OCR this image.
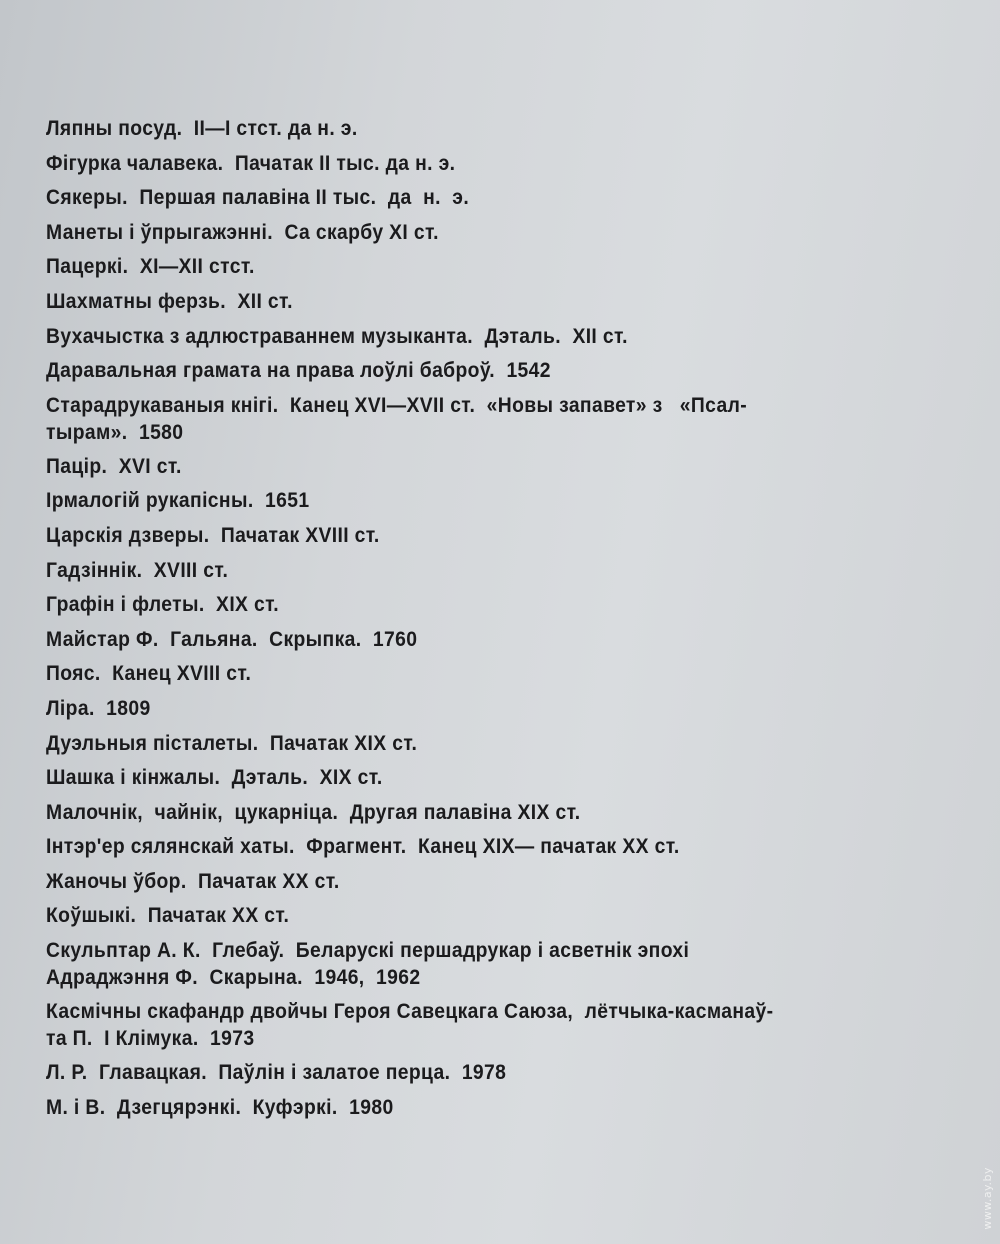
Ляпны посуд.  II—I стст. да н. э.
Фігурка чалавека.  Пачатак II тыс. да н. э.
Сякеры.  Першая палавіна II тыс.  да  н.  э.
Манеты і ўпрыгажэнні.  Са скарбу XI ст.
Пацеркі.  XI—XII стст.
Шахматны ферзь.  XII ст.
Вухачыстка з адлюстраваннем музыканта.  Дэталь.  XII ст.
Даравальная грамата на права лоўлі баброў.  1542
Старадрукаваныя кнігі.  Канец XVI—XVII ст.  «Новы запавет» з   «Псал-
тырам».  1580
Пацір.  XVI ст.
Ірмалогій рукапісны.  1651
Царскія дзверы.  Пачатак XVIII ст.
Гадзіннік.  XVIII ст.
Графін і флеты.  XIX ст.
Майстар Ф.  Гальяна.  Скрыпка.  1760
Пояс.  Канец XVIII ст.
Ліра.  1809
Дуэльныя пісталеты.  Пачатак XIX ст.
Шашка і кінжалы.  Дэталь.  XIX ст.
Малочнік,  чайнік,  цукарніца.  Другая палавіна XIX ст.
Інтэр'ер сялянскай хаты.  Фрагмент.  Канец XIX— пачатак XX ст.
Жаночы ўбор.  Пачатак XX ст.
Коўшыкі.  Пачатак XX ст.
Скульптар А. К.  Глебаў.  Беларускі першадрукар і асветнік эпохі
Адраджэння Ф.  Скарына.  1946,  1962
Касмічны скафандр двойчы Героя Савецкага Саюза,  лётчыка-касманаў-
та П.  І Клімука.  1973
Л. Р.  Главацкая.  Паўлін і залатое перца.  1978
М. і В.  Дзегцярэнкі.  Куфэркі.  1980
www.ay.by
